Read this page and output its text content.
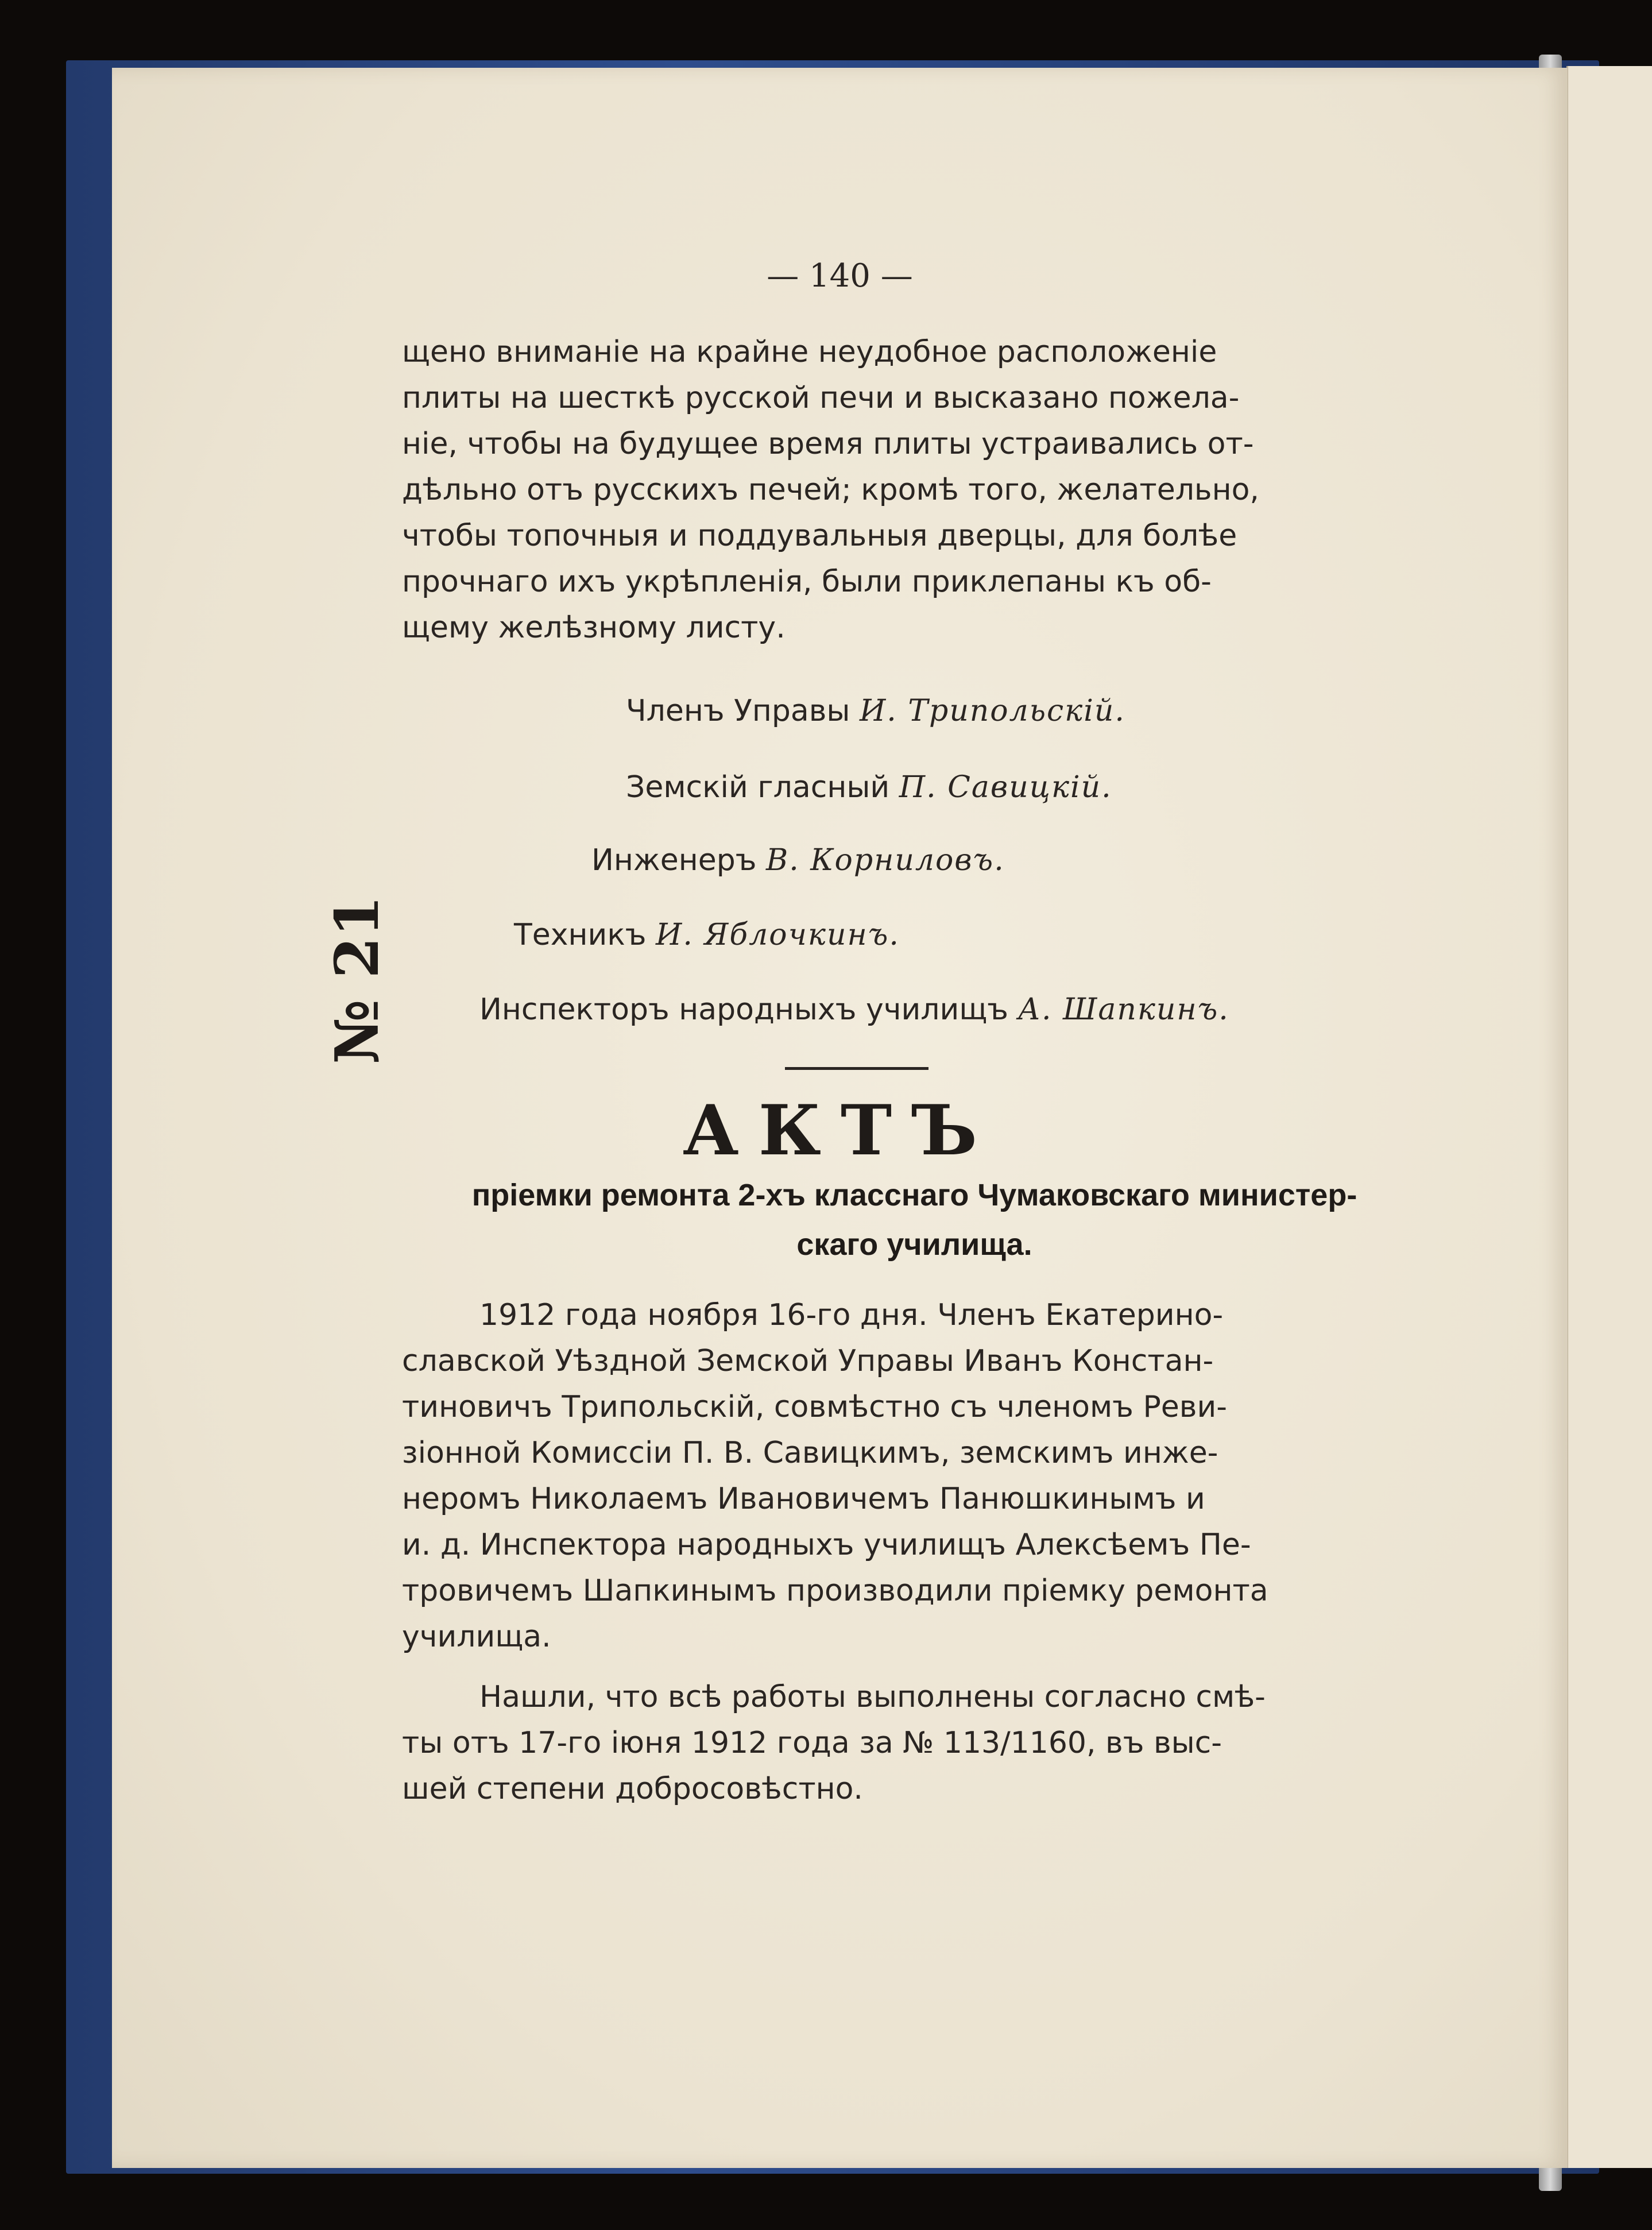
— 140 —

щено вниманіе на крайне неудобное расположеніе

плиты на шесткѣ русской печи и высказано пожела-

ніе, чтобы на будущее время плиты устраивались от-

дѣльно отъ русскихъ печей; кромѣ того, желательно,

чтобы топочныя и поддувальныя дверцы, для болѣе

прочнаго ихъ укрѣпленія, были приклепаны къ об-

щему желѣзному листу.

Членъ Управы И. Трипольскій.
Земскій гласный П. Савицкій.
Инженеръ В. Корниловъ.
Техникъ И. Яблочкинъ.
Инспекторъ народныхъ училищъ А. Шапкинъ.
АКТЪ
пріемки ремонта 2-хъ класснаго Чумаковскаго министер-
скаго училища.

1912 года ноября 16-го дня. Членъ Екатерино-

славской Уѣздной Земской Управы Иванъ Констан-

тиновичъ Трипольскій, совмѣстно съ членомъ Реви-

зіонной Комиссіи П. В. Савицкимъ, земскимъ инже-

неромъ Николаемъ Ивановичемъ Панюшкинымъ и

и. д. Инспектора народныхъ училищъ Алексѣемъ Пе-

тровичемъ Шапкинымъ производили пріемку ремонта

училища.

Нашли, что всѣ работы выполнены согласно смѣ-

ты отъ 17-го іюня 1912 года за № 113/1160, въ выс-

шей степени добросовѣстно.

№ 21
